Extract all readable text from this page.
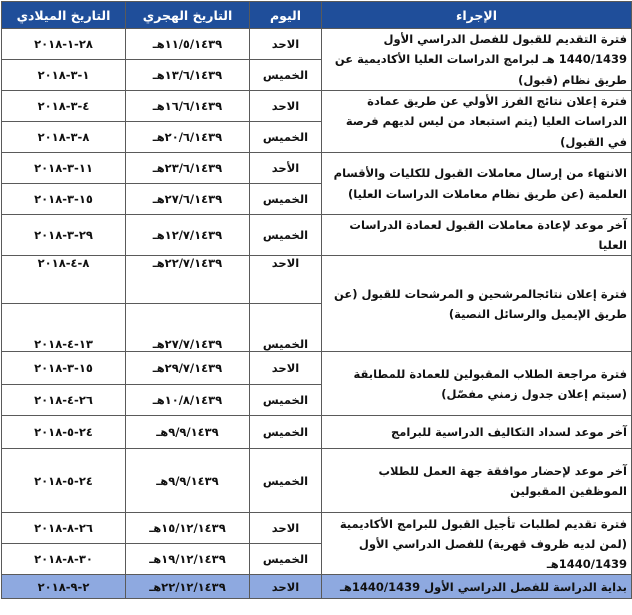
الإجراء	اليوم	التاريخ الهجري	التاريخ الميلادي
فترة التقديم للقبول للفصل الدراسي الأول 1440/1439 هـ لبرامج الدراسات العليا الأكاديمية عن طريق نظام (قبول)	الاحد	١١/٥/١٤٣٩هـ	٢٨-١-٢٠١٨
	الخميس	١٣/٦/١٤٣٩هـ	١-٣-٢٠١٨
فترة إعلان نتائج الفرز الأولي عن طريق عمادة الدراسات العليا (يتم استبعاد من ليس لديهم فرصة في القبول)	الاحد	١٦/٦/١٤٣٩هـ	٤-٣-٢٠١٨
	الخميس	٢٠/٦/١٤٣٩هـ	٨-٣-٢٠١٨
الانتهاء من إرسال معاملات القبول للكليات والأقسام العلمية (عن طريق نظام معاملات الدراسات العليا)	الأحد	٢٣/٦/١٤٣٩هـ	١١-٣-٢٠١٨
	الخميس	٢٧/٦/١٤٣٩هـ	١٥-٣-٢٠١٨
آخر موعد لإعادة معاملات القبول لعمادة الدراسات العليا	الخميس	١٢/٧/١٤٣٩هـ	٢٩-٣-٢٠١٨
فترة إعلان نتائجالمرشحين و المرشحات للقبول (عن طريق الإيميل والرسائل النصية)	الاحد	٢٢/٧/١٤٣٩هـ	٨-٤-٢٠١٨
	الخميس	٢٧/٧/١٤٣٩هـ	١٣-٤-٢٠١٨
فترة مراجعة الطلاب المقبولين للعمادة للمطابقة (سيتم إعلان جدول زمني مفصّل)	الاحد	٢٩/٧/١٤٣٩هـ	١٥-٣-٢٠١٨
	الخميس	١٠/٨/١٤٣٩هـ	٢٦-٤-٢٠١٨
آخر موعد لسداد التكاليف الدراسية للبرامج	الخميس	٩/٩/١٤٣٩هـ	٢٤-٥-٢٠١٨
آخر موعد لإحضار موافقة جهة العمل للطلاب الموظفين المقبولين	الخميس	٩/٩/١٤٣٩هـ	٢٤-٥-٢٠١٨
فترة تقديم لطلبات تأجيل القبول للبرامج الأكاديمية (لمن لديه ظروف قهرية) للفصل الدراسي الأول 1440/1439هـ	الاحد	١٥/١٢/١٤٣٩هـ	٢٦-٨-٢٠١٨
	الخميس	١٩/١٢/١٤٣٩هـ	٣٠-٨-٢٠١٨
بداية الدراسة للفصل الدراسي الأول 1440/1439هـ	الاحد	٢٢/١٢/١٤٣٩هـ	٢-٩-٢٠١٨
